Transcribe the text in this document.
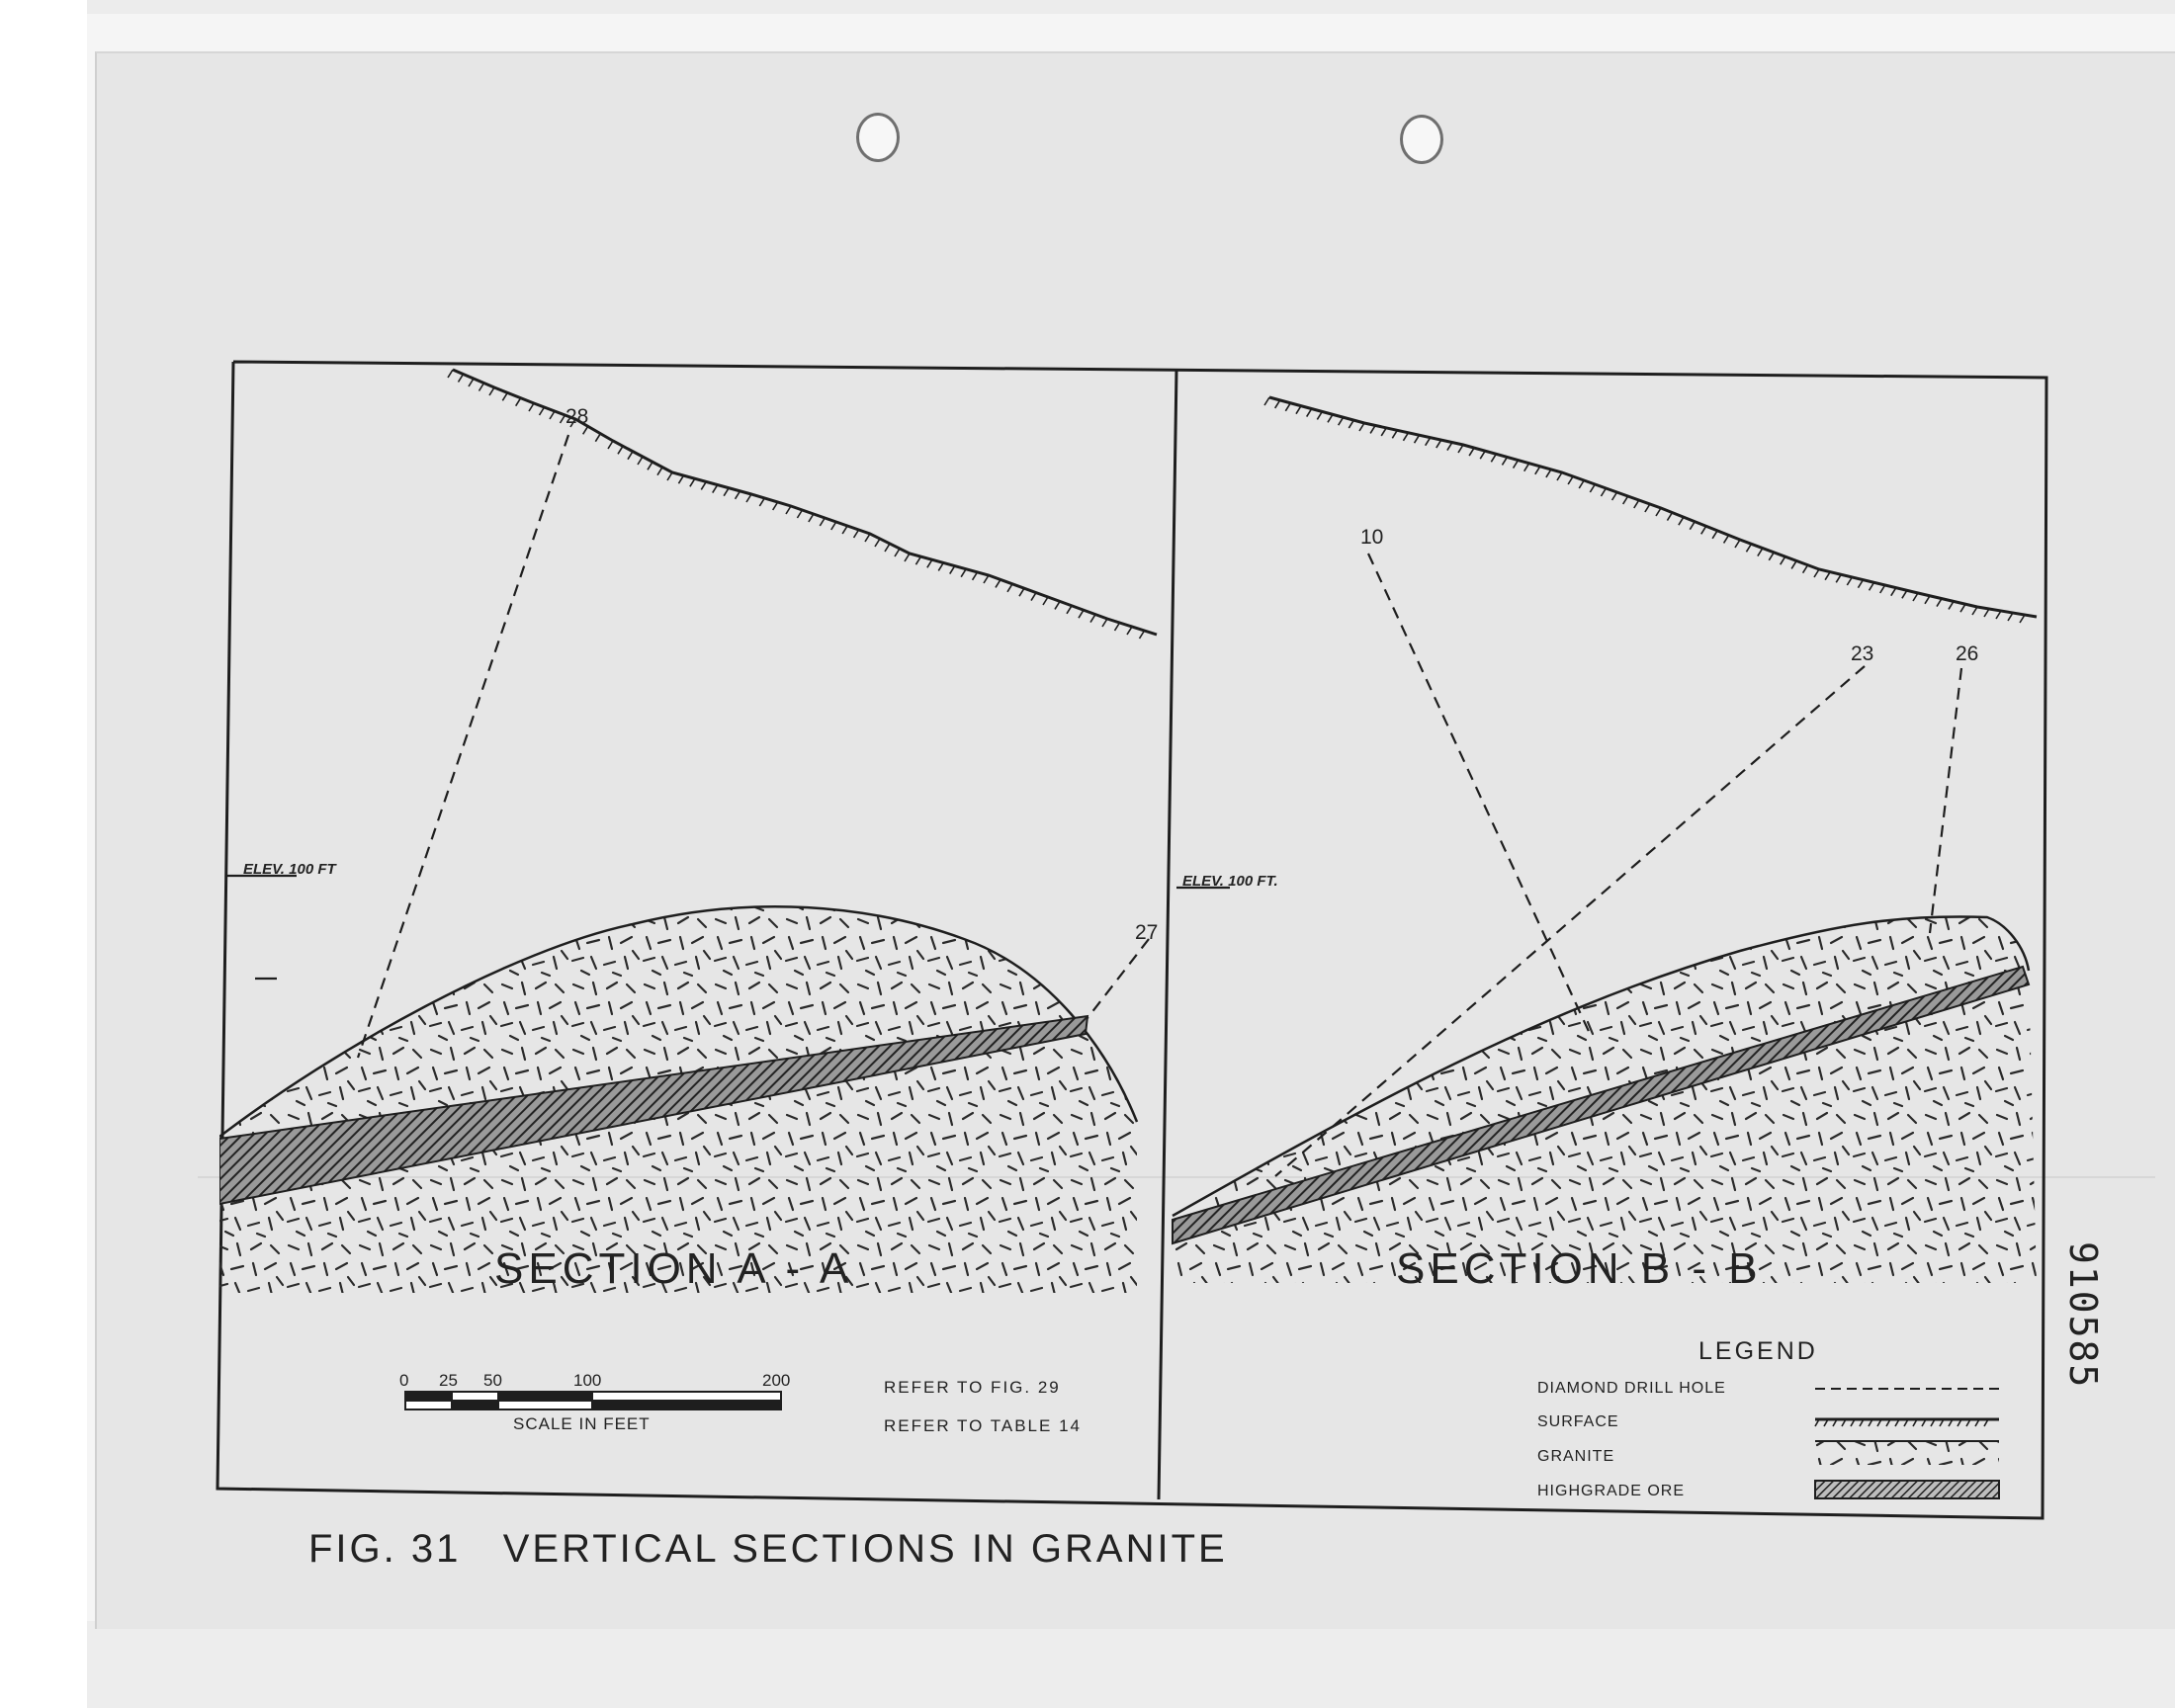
ELEV. 100 FT
ELEV. 100 FT.
28
27
10
23	26
SECTION A - A	SECTION B - B
0 25 50	100	200
SCALE IN FEET
REFER TO FIG. 29
REFER TO TABLE 14
LEGEND
DIAMOND DRILL HOLE
SURFACE
GRANITE
HIGHGRADE ORE
FIG. 31   VERTICAL SECTIONS IN GRANITE
910585
